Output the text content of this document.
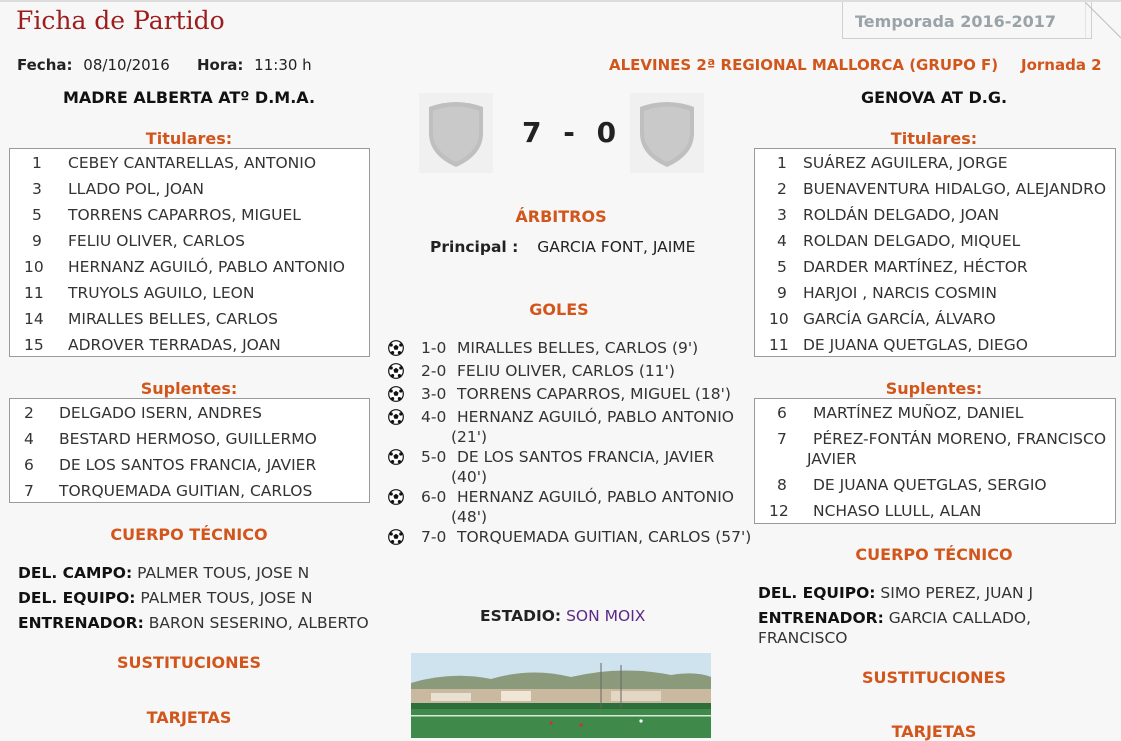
Ficha de Partido	Temporada 2016-2017
Fecha: 08/10/2016 Hora: 11:30 h	ALEVINES 2ª REGIONAL MALLORCA (GRUPO F) Jornada 2
MADRE ALBERTA ATº D.M.A.	GENOVA AT D.G.
7 - 0
Titulares:
1 CEBEY CANTARELLAS, ANTONIO
3 LLADO POL, JOAN
5 TORRENS CAPARROS, MIGUEL
9 FELIU OLIVER, CARLOS
10 HERNANZ AGUILÓ, PABLO ANTONIO
11 TRUYOLS AGUILO, LEON
14 MIRALLES BELLES, CARLOS
15 ADROVER TERRADAS, JOAN
Suplentes:
2 DELGADO ISERN, ANDRES
4 BESTARD HERMOSO, GUILLERMO
6 DE LOS SANTOS FRANCIA, JAVIER
7 TORQUEMADA GUITIAN, CARLOS
CUERPO TÉCNICO
DEL. CAMPO: PALMER TOUS, JOSE N
DEL. EQUIPO: PALMER TOUS, JOSE N
ENTRENADOR: BARON SESERINO, ALBERTO
SUSTITUCIONES
TARJETAS
ÁRBITROS
Principal : GARCIA FONT, JAIME
GOLES
1-0 MIRALLES BELLES, CARLOS (9')
2-0 FELIU OLIVER, CARLOS (11')
3-0 TORRENS CAPARROS, MIGUEL (18')
4-0 HERNANZ AGUILÓ, PABLO ANTONIO
(21')
5-0 DE LOS SANTOS FRANCIA, JAVIER
(40')
6-0 HERNANZ AGUILÓ, PABLO ANTONIO
(48')
7-0 TORQUEMADA GUITIAN, CARLOS (57')
ESTADIO: SON MOIX
Titulares:
1 SUÁREZ AGUILERA, JORGE
2 BUENAVENTURA HIDALGO, ALEJANDRO
3 ROLDÁN DELGADO, JOAN
4 ROLDAN DELGADO, MIQUEL
5 DARDER MARTÍNEZ, HÉCTOR
9 HARJOI , NARCIS COSMIN
10 GARCÍA GARCÍA, ÁLVARO
11 DE JUANA QUETGLAS, DIEGO
Suplentes:
6 MARTÍNEZ MUÑOZ, DANIEL
7 PÉREZ-FONTÁN MORENO, FRANCISCO
JAVIER
8 DE JUANA QUETGLAS, SERGIO
12 NCHASO LLULL, ALAN
CUERPO TÉCNICO
DEL. EQUIPO: SIMO PEREZ, JUAN J
ENTRENADOR: GARCIA CALLADO,
FRANCISCO
SUSTITUCIONES
TARJETAS
